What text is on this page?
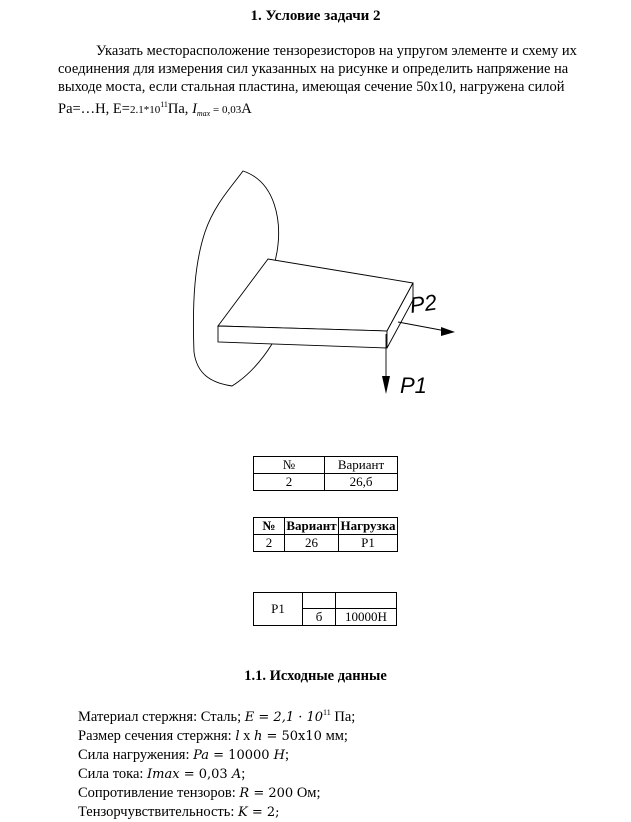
1. Условие задачи 2
Указать месторасположение тензорезисторов на упругом элементе и схему их соединения для измерения сил указанных на рисунке и определить напряжение на выходе моста, если стальная пластина, имеющая сечение 50х10, нагружена силой Ра=…Н, $Е=2.1*10^{11}Па$, $I_{max} = 0,03А$
P2
P1
№	Вариант
2	26,б
№	Вариант	Нагрузка
2	26	Р1
Р1		
	б	10000Н
1.1. Исходные данные
Материал стержня: Сталь; $E = 2,1 \cdot 10^{11}$ Па;
Размер сечения стержня: l x h = 50x10 мм;
Сила нагружения: Pa = 10000 H;
Сила тока: Imax = 0,03 A;
Сопротивление тензоров: R = 200 Ом;
Тензорчувствительность: K = 2;
